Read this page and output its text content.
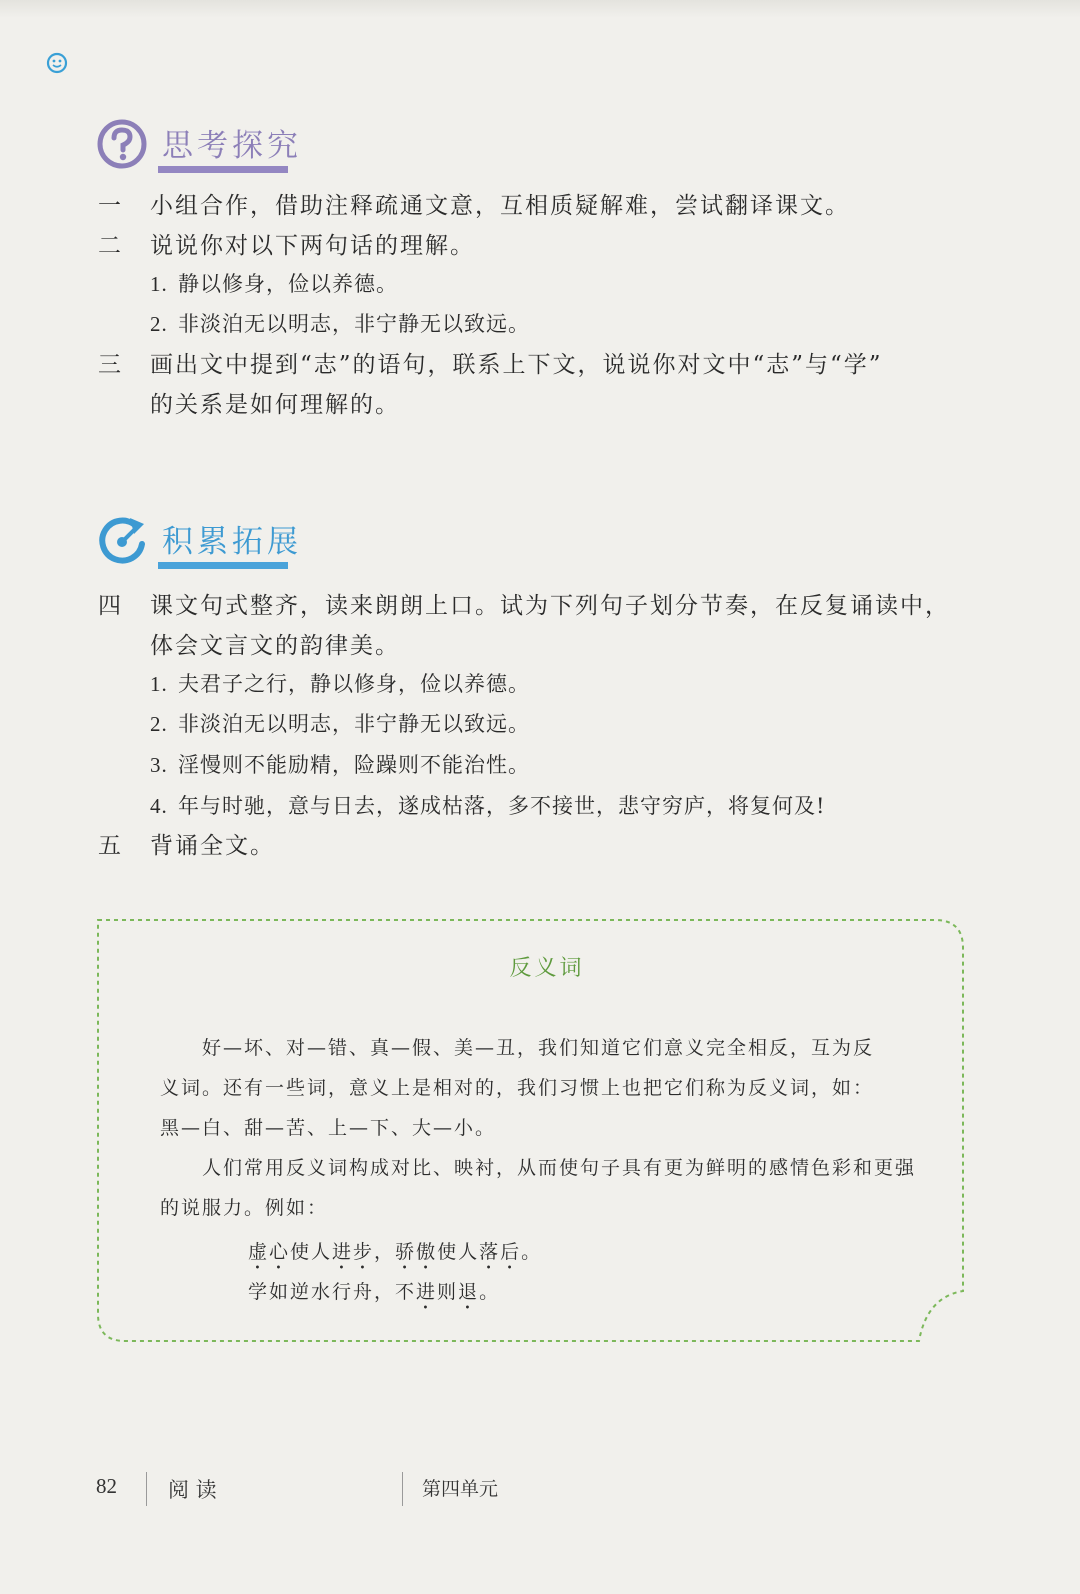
思考探究
一	小组合作，借助注释疏通文意，互相质疑解难，尝试翻译课文。
二	说说你对以下两句话的理解。
1. 静以修身，俭以养德。
2. 非淡泊无以明志，非宁静无以致远。
三	画出文中提到“志”的语句，联系上下文，说说你对文中“志”与“学”
的关系是如何理解的。
积累拓展
四	课文句式整齐，读来朗朗上口。试为下列句子划分节奏，在反复诵读中，
体会文言文的韵律美。
1. 夫君子之行，静以修身，俭以养德。
2. 非淡泊无以明志，非宁静无以致远。
3. 淫慢则不能励精，险躁则不能治性。
4. 年与时驰，意与日去，遂成枯落，多不接世，悲守穷庐，将复何及!
五	背诵全文。
反义词
好—坏、对—错、真—假、美—丑，我们知道它们意义完全相反，互为反
义词。还有一些词，意义上是相对的，我们习惯上也把它们称为反义词，如：
黑—白、甜—苦、上—下、大—小。
人们常用反义词构成对比、映衬，从而使句子具有更为鲜明的感情色彩和更强
的说服力。例如：
虚心使人进步，骄傲使人落后。
学如逆水行舟，不进则退。
82 阅 读	第四单元
